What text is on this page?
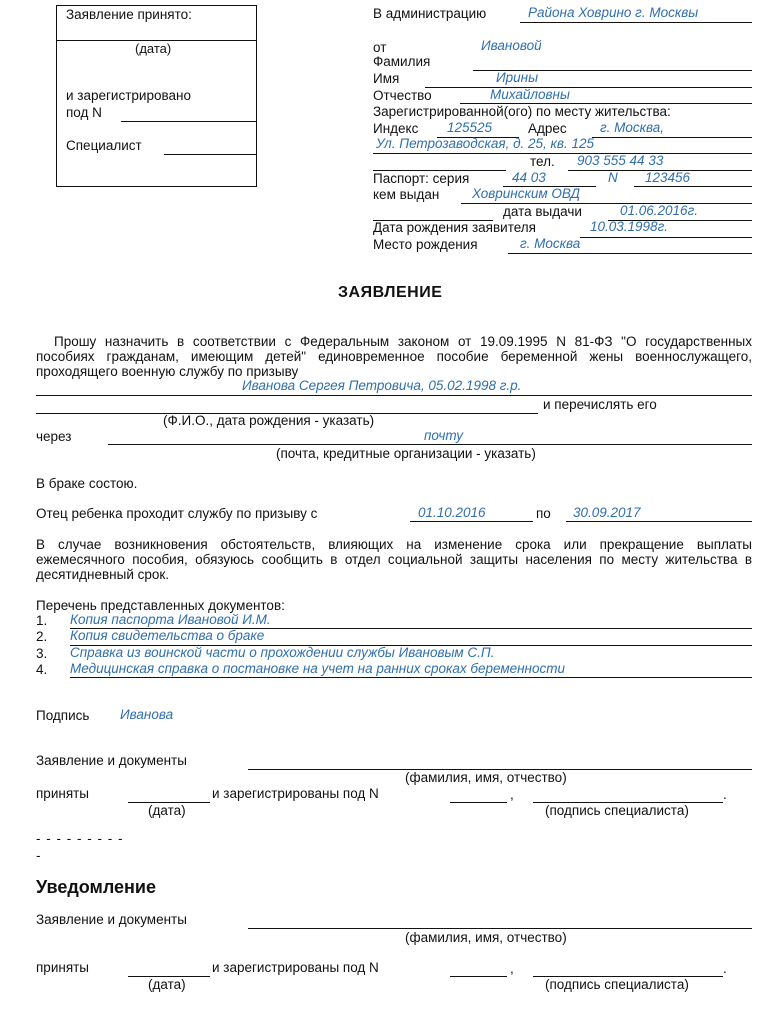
Заявление принято:
(дата)
и зарегистрировано
под N
Специалист
В администрацию	Района Ховрино г. Москвы
от	Ивановой
Фамилия
Имя	Ирины
Отчество	Михайловны
Зарегистрированной(ого) по месту жительства:
Индекс 125525	Адрес г. Москва,
Ул. Петрозаводская, д. 25, кв. 125
тел. 903 555 44 33
Паспорт: серия	44 03	N 123456
кем выдан Ховринским ОВД
дата выдачи	01.06.2016г.
Дата рождения заявителя	10.03.1998г.
Место рождения	г. Москва
ЗАЯВЛЕНИЕ
Прошу назначить в соответствии с Федеральным законом от 19.09.1995 N 81-ФЗ "О государственных пособиях гражданам, имеющим детей" единовременное пособие беременной жены военнослужащего, проходящего военную службу по призыву
Иванова Сергея Петровича, 05.02.1998 г.р.
и перечислять его
(Ф.И.О., дата рождения - указать)
через	почту
(почта, кредитные организации - указать)
В браке состою.
Отец ребенка проходит службу по призыву с	01.10.2016	по 30.09.2017
В случае возникновения обстоятельств, влияющих на изменение срока или прекращение выплаты ежемесячного пособия, обязуюсь сообщить в отдел социальной защиты населения по месту жительства в десятидневный срок.
Перечень представленных документов:
1. Копия паспорта Ивановой И.М.
2. Копия свидетельства о браке
3. Справка из воинской части о прохождении службы Ивановым С.П.
4. Медицинская справка о постановке на учет на ранних сроках беременности
Подпись Иванова
Заявление и документы
(фамилия, имя, отчество)
приняты	и зарегистрированы под N	,	.
(дата)	(подпись специалиста)
- - - - - - - - -
-
Уведомление
Заявление и документы
(фамилия, имя, отчество)
приняты	и зарегистрированы под N	,	.
(дата)	(подпись специалиста)
